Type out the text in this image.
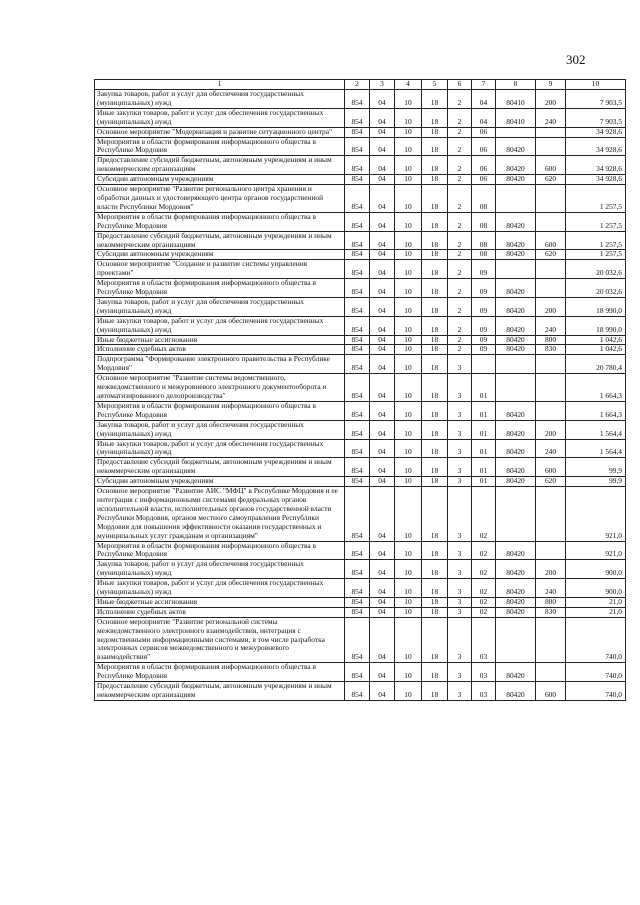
302
1	2	3	4	5	6	7	8	9	10
Закупка товаров, работ и услуг для обеспечения государственных (муниципальных) нужд	854	04	10	18	2	04	80410	200	7 903,5
Иные закупки товаров, работ и услуг для обеспечения государственных (муниципальных) нужд	854	04	10	18	2	04	80410	240	7 903,5
Основное мероприятие "Модернизация и развитие ситуационного центра"	854	04	10	18	2	06			34 928,6
Мероприятия в области формирования информационного общества в Республике Мордовия	854	04	10	18	2	06	80420		34 928,6
Предоставление субсидий бюджетным, автономным учреждениям и иным некоммерческим организациям	854	04	10	18	2	06	80420	600	34 928,6
Субсидии автономным учреждениям	854	04	10	18	2	06	80420	620	34 928,6
Основное мероприятие "Развитие регионального центра хранения и обработки данных и удостоверяющего центра органов государственной власти Республики Мордовия"	854	04	10	18	2	08			1 257,5
Мероприятия в области формирования информационного общества в Республике Мордовия	854	04	10	18	2	08	80420		1 257,5
Предоставление субсидий бюджетным, автономным учреждениям и иным некоммерческим организациям	854	04	10	18	2	08	80420	600	1 257,5
Субсидии автономным учреждениям	854	04	10	18	2	08	80420	620	1 257,5
Основное мероприятие "Создание и развитие системы управления проектами"	854	04	10	18	2	09			20 032,6
Мероприятия в области формирования информационного общества в Республике Мордовия	854	04	10	18	2	09	80420		20 032,6
Закупка товаров, работ и услуг для обеспечения государственных (муниципальных) нужд	854	04	10	18	2	09	80420	200	18 990,0
Иные закупки товаров, работ и услуг для обеспечения государственных (муниципальных) нужд	854	04	10	18	2	09	80420	240	18 990,0
Иные бюджетные ассигнования	854	04	10	18	2	09	80420	800	1 042,6
Исполнение судебных актов	854	04	10	18	2	09	80420	830	1 042,6
Подпрограмма "Формирование электронного правительства в Республике Мордовия"	854	04	10	18	3				20 780,4
Основное мероприятие "Развитие системы ведомственного, межведомственного и межуровневого электронного документооборота и автоматизированного делопроизводства"	854	04	10	18	3	01			1 664,3
Мероприятия в области формирования информационного общества в Республике Мордовия	854	04	10	18	3	01	80420		1 664,3
Закупка товаров, работ и услуг для обеспечения государственных (муниципальных) нужд	854	04	10	18	3	01	80420	200	1 564,4
Иные закупки товаров, работ и услуг для обеспечения государственных (муниципальных) нужд	854	04	10	18	3	01	80420	240	1 564,4
Предоставление субсидий бюджетным, автономным учреждениям и иным некоммерческим организациям	854	04	10	18	3	01	80420	600	99,9
Субсидии автономным учреждениям	854	04	10	18	3	01	80420	620	99,9
Основное мероприятие "Развитие АИС "МФЦ" в Республике Мордовия и ее интеграция с информационными системами федеральных органов исполнительной власти, исполнительных органов государственной власти Республики Мордовия, органов местного самоуправления Республики Мордовия для повышения эффективности оказания государственных и муниципальных услуг гражданам и организациям"	854	04	10	18	3	02			921,0
Мероприятия в области формирования информационного общества в Республике Мордовия	854	04	10	18	3	02	80420		921,0
Закупка товаров, работ и услуг для обеспечения государственных (муниципальных) нужд	854	04	10	18	3	02	80420	200	900,0
Иные закупки товаров, работ и услуг для обеспечения государственных (муниципальных) нужд	854	04	10	18	3	02	80420	240	900,0
Иные бюджетные ассигнования	854	04	10	18	3	02	80420	800	21,0
Исполнение судебных актов	854	04	10	18	3	02	80420	830	21,0
Основное мероприятие "Развитие региональной системы межведомственного электронного взаимодействия, интеграция с ведомственными информационными системами, в том числе разработка электронных сервисов межведомственного и межуровневого взаимодействия"	854	04	10	18	3	03			740,0
Мероприятия в области формирования информационного общества в Республике Мордовия	854	04	10	18	3	03	80420		740,0
Предоставление субсидий бюджетным, автономным учреждениям и иным некоммерческим организациям	854	04	10	18	3	03	80420	600	740,0
